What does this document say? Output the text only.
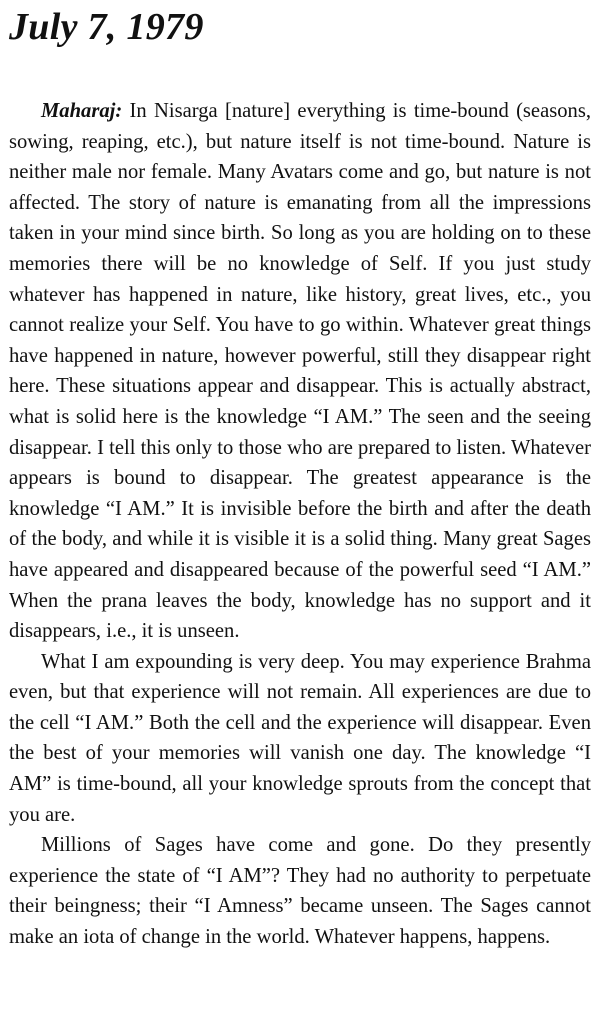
July 7, 1979

Maharaj: In Nisarga [nature] everything is time-bound (seasons, sowing, reaping, etc.), but nature itself is not time-bound. Nature is neither male nor female. Many Avatars come and go, but nature is not affected. The story of nature is emanating from all the impressions taken in your mind since birth. So long as you are holding on to these memories there will be no knowledge of Self. If you just study whatever has happened in nature, like history, great lives, etc., you cannot realize your Self. You have to go within. Whatever great things have happened in nature, however powerful, still they disappear right here. These situations appear and disappear. This is actually abstract, what is solid here is the knowledge “I AM.” The seen and the seeing disappear. I tell this only to those who are prepared to listen. Whatever appears is bound to disappear. The greatest appearance is the knowledge “I AM.” It is invisible before the birth and after the death of the body, and while it is visible it is a solid thing. Many great Sages have appeared and disappeared because of the powerful seed “I AM.” When the prana leaves the body, knowledge has no support and it disappears, i.e., it is unseen.

What I am expounding is very deep. You may experience Brahma even, but that experience will not remain. All experiences are due to the cell “I AM.” Both the cell and the experience will disappear. Even the best of your memories will vanish one day. The knowledge “I AM” is time-bound, all your knowledge sprouts from the concept that you are.

Millions of Sages have come and gone. Do they presently experience the state of “I AM”? They had no authority to perpetuate their beingness; their “I Amness” became unseen. The Sages cannot make an iota of change in the world. Whatever happens, happens.
